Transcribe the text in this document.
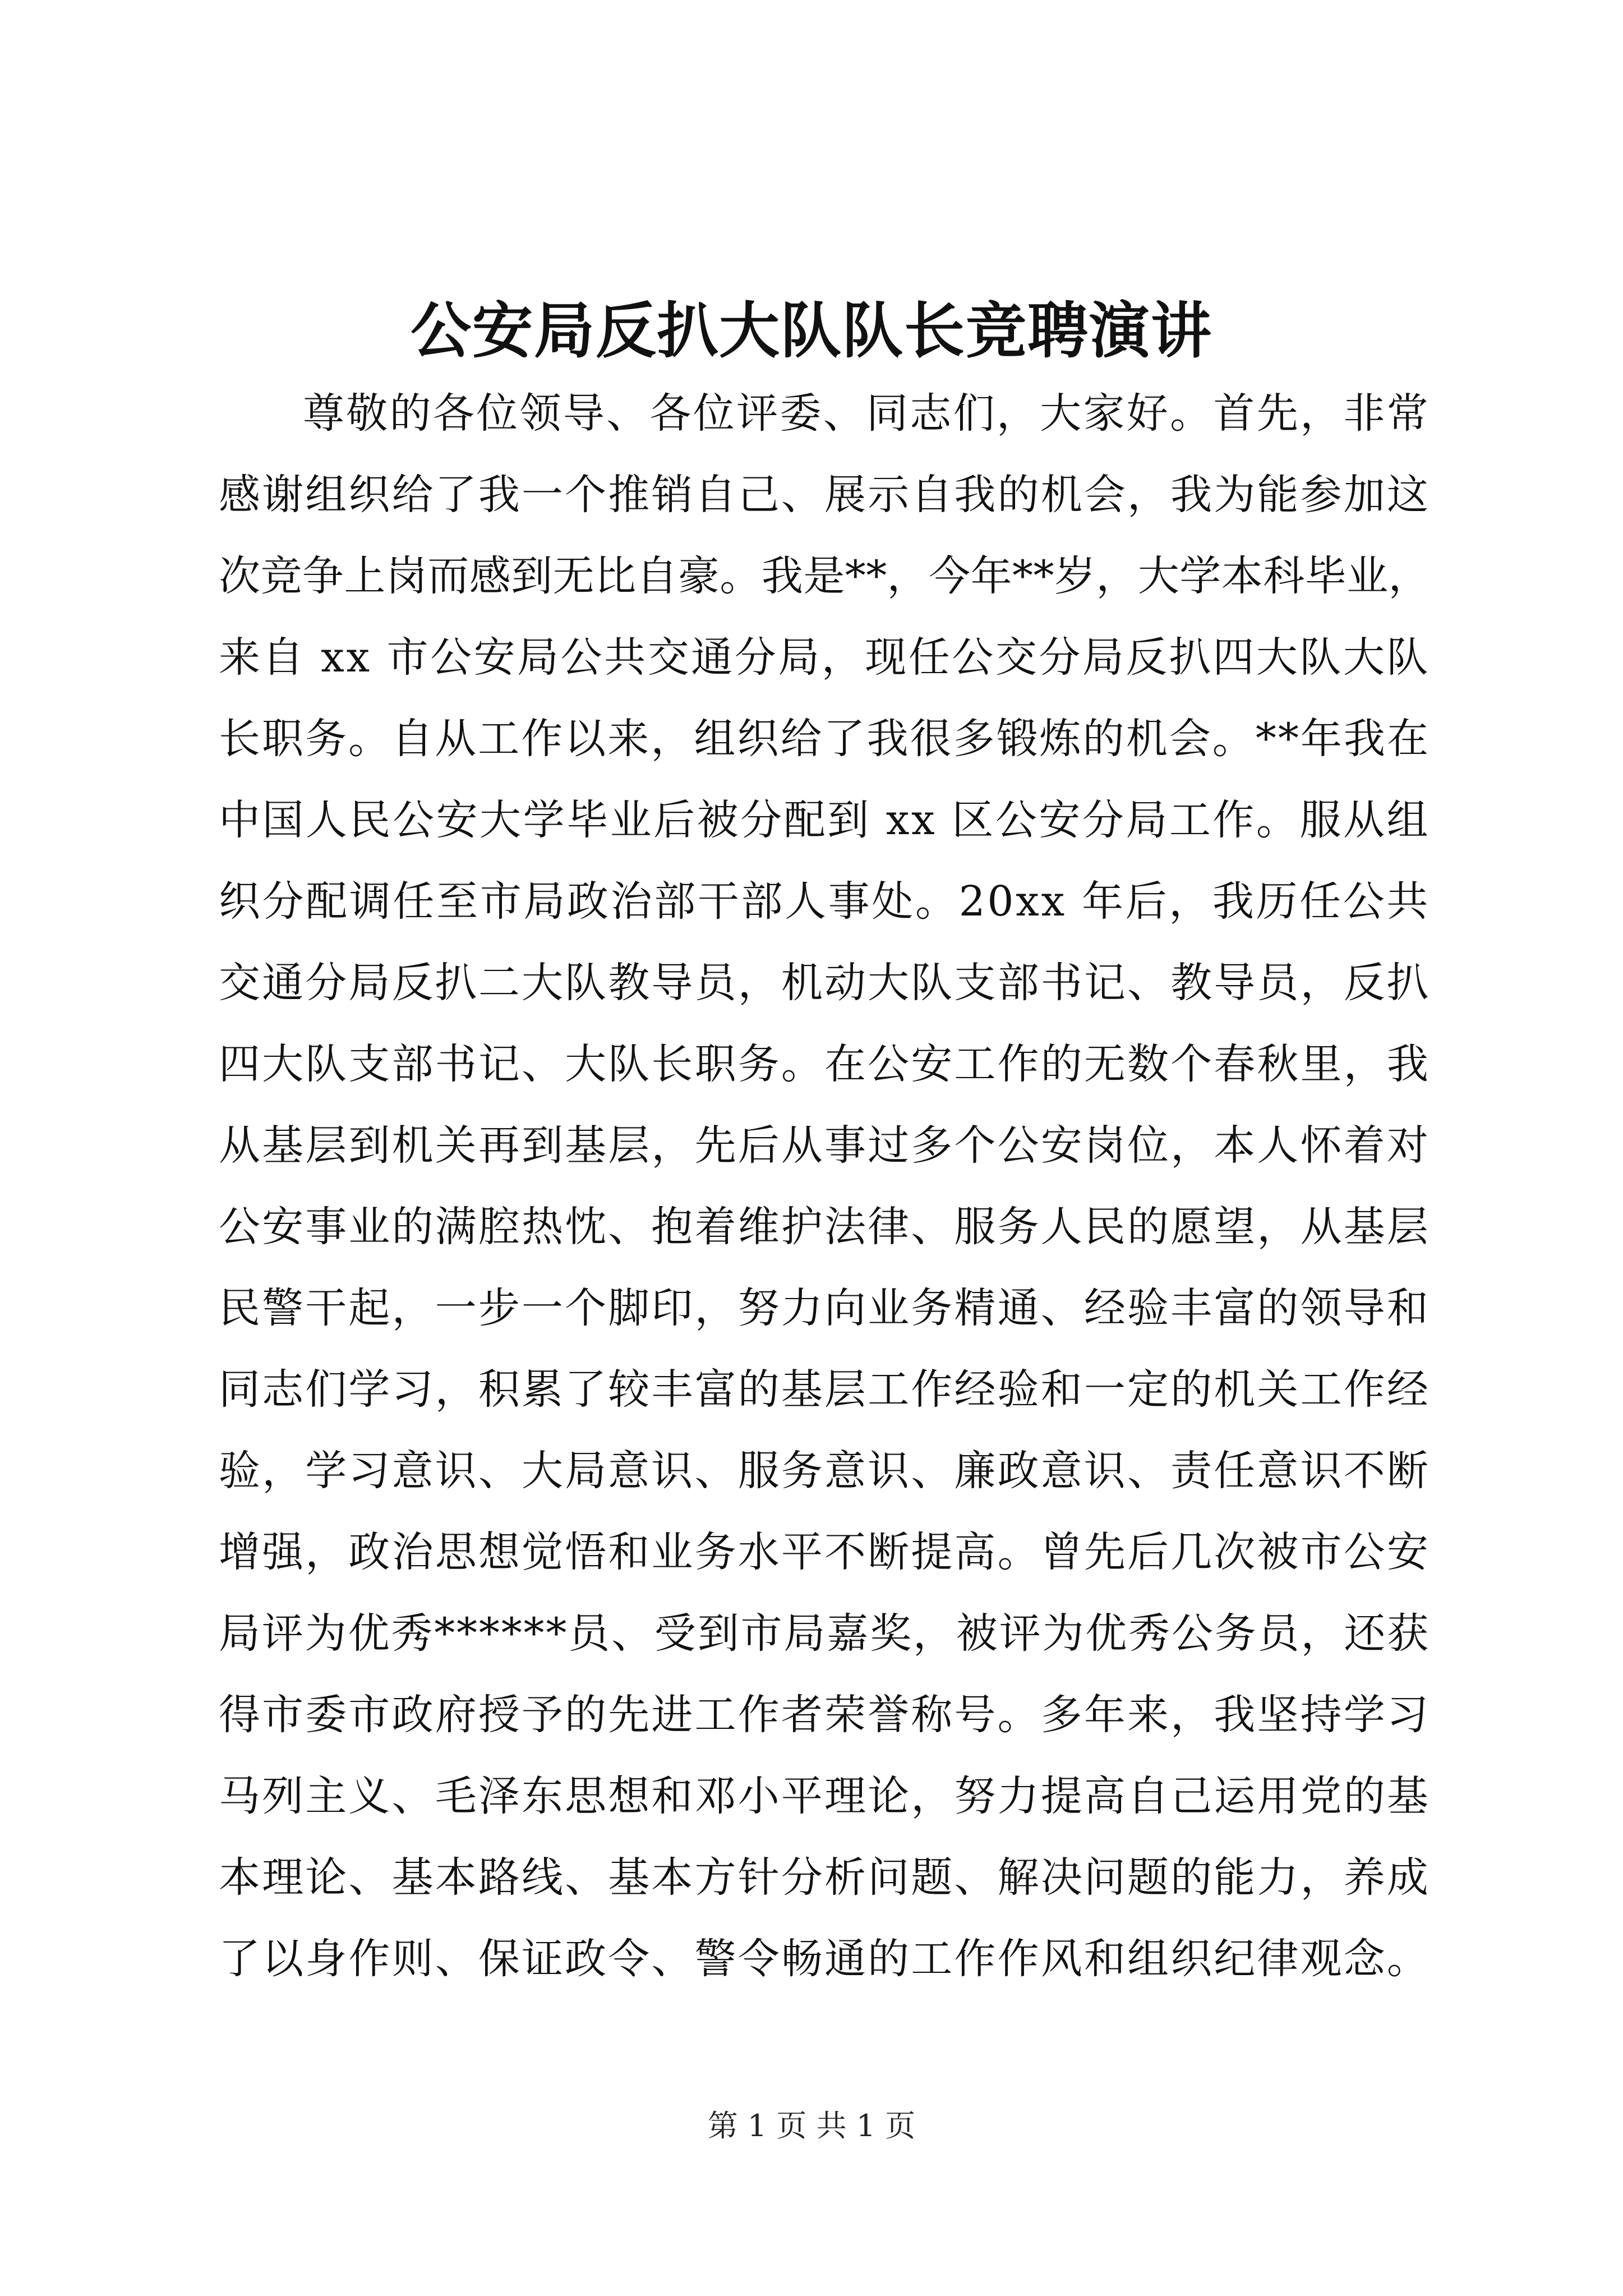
公安局反扒大队队长竞聘演讲
尊敬的各位领导、各位评委、同志们，大家好。首先，非常
感谢组织给了我一个推销自己、展示自我的机会，我为能参加这
次竞争上岗而感到无比自豪。我是**，今年**岁，大学本科毕业，
来自 xx 市公安局公共交通分局，现任公交分局反扒四大队大队
长职务。自从工作以来，组织给了我很多锻炼的机会。**年我在
中国人民公安大学毕业后被分配到 xx 区公安分局工作。服从组
织分配调任至市局政治部干部人事处。20xx 年后，我历任公共
交通分局反扒二大队教导员，机动大队支部书记、教导员，反扒
四大队支部书记、大队长职务。在公安工作的无数个春秋里，我
从基层到机关再到基层，先后从事过多个公安岗位，本人怀着对
公安事业的满腔热忱、抱着维护法律、服务人民的愿望，从基层
民警干起，一步一个脚印，努力向业务精通、经验丰富的领导和
同志们学习，积累了较丰富的基层工作经验和一定的机关工作经
验，学习意识、大局意识、服务意识、廉政意识、责任意识不断
增强，政治思想觉悟和业务水平不断提高。曾先后几次被市公安
局评为优秀******员、受到市局嘉奖，被评为优秀公务员，还获
得市委市政府授予的先进工作者荣誉称号。多年来，我坚持学习
马列主义、毛泽东思想和邓小平理论，努力提高自己运用党的基
本理论、基本路线、基本方针分析问题、解决问题的能力，养成
了以身作则、保证政令、警令畅通的工作作风和组织纪律观念。
第 1 页 共 1 页
